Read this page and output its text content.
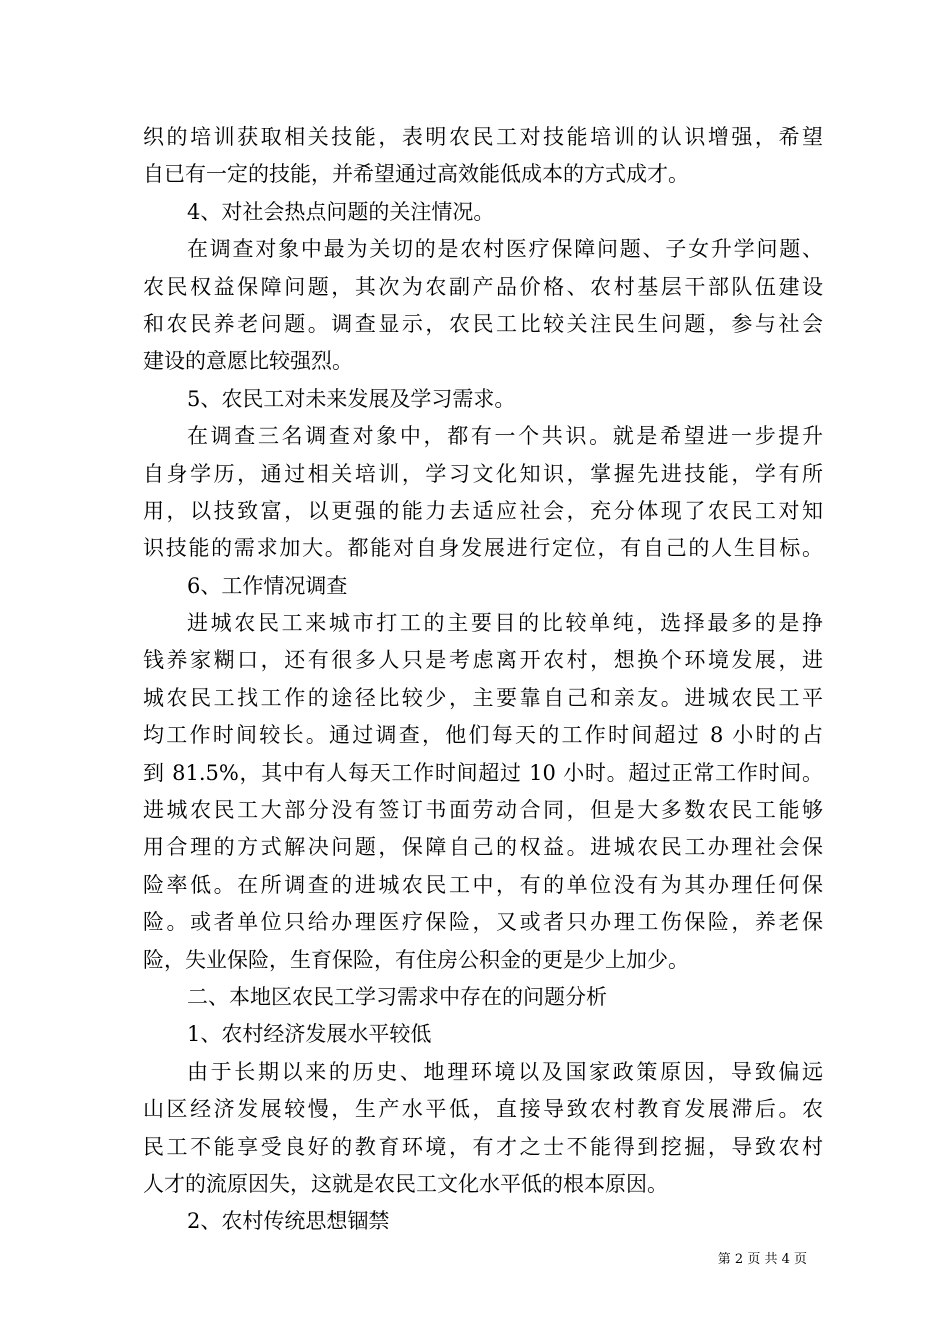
织的培训获取相关技能，表明农民工对技能培训的认识增强，希望
自已有一定的技能，并希望通过高效能低成本的方式成才。
4、对社会热点问题的关注情况。
在调查对象中最为关切的是农村医疗保障问题、子女升学问题、
农民权益保障问题，其次为农副产品价格、农村基层干部队伍建设
和农民养老问题。调查显示，农民工比较关注民生问题，参与社会
建设的意愿比较强烈。
5、农民工对未来发展及学习需求。
在调查三名调查对象中，都有一个共识。就是希望进一步提升
自身学历，通过相关培训，学习文化知识，掌握先进技能，学有所
用，以技致富，以更强的能力去适应社会，充分体现了农民工对知
识技能的需求加大。都能对自身发展进行定位，有自己的人生目标。
6、工作情况调查
进城农民工来城市打工的主要目的比较单纯，选择最多的是挣
钱养家糊口，还有很多人只是考虑离开农村，想换个环境发展，进
城农民工找工作的途径比较少，主要靠自己和亲友。进城农民工平
均工作时间较长。通过调查，他们每天的工作时间超过 8 小时的占
到 81.5%，其中有人每天工作时间超过 10 小时。超过正常工作时间。
进城农民工大部分没有签订书面劳动合同，但是大多数农民工能够
用合理的方式解决问题，保障自己的权益。进城农民工办理社会保
险率低。在所调查的进城农民工中，有的单位没有为其办理任何保
险。或者单位只给办理医疗保险，又或者只办理工伤保险，养老保
险，失业保险，生育保险，有住房公积金的更是少上加少。
二、本地区农民工学习需求中存在的问题分析
1、农村经济发展水平较低
由于长期以来的历史、地理环境以及国家政策原因，导致偏远
山区经济发展较慢，生产水平低，直接导致农村教育发展滞后。农
民工不能享受良好的教育环境，有才之士不能得到挖掘，导致农村
人才的流原因失，这就是农民工文化水平低的根本原因。
2、农村传统思想锢禁
第 2 页 共 4 页
